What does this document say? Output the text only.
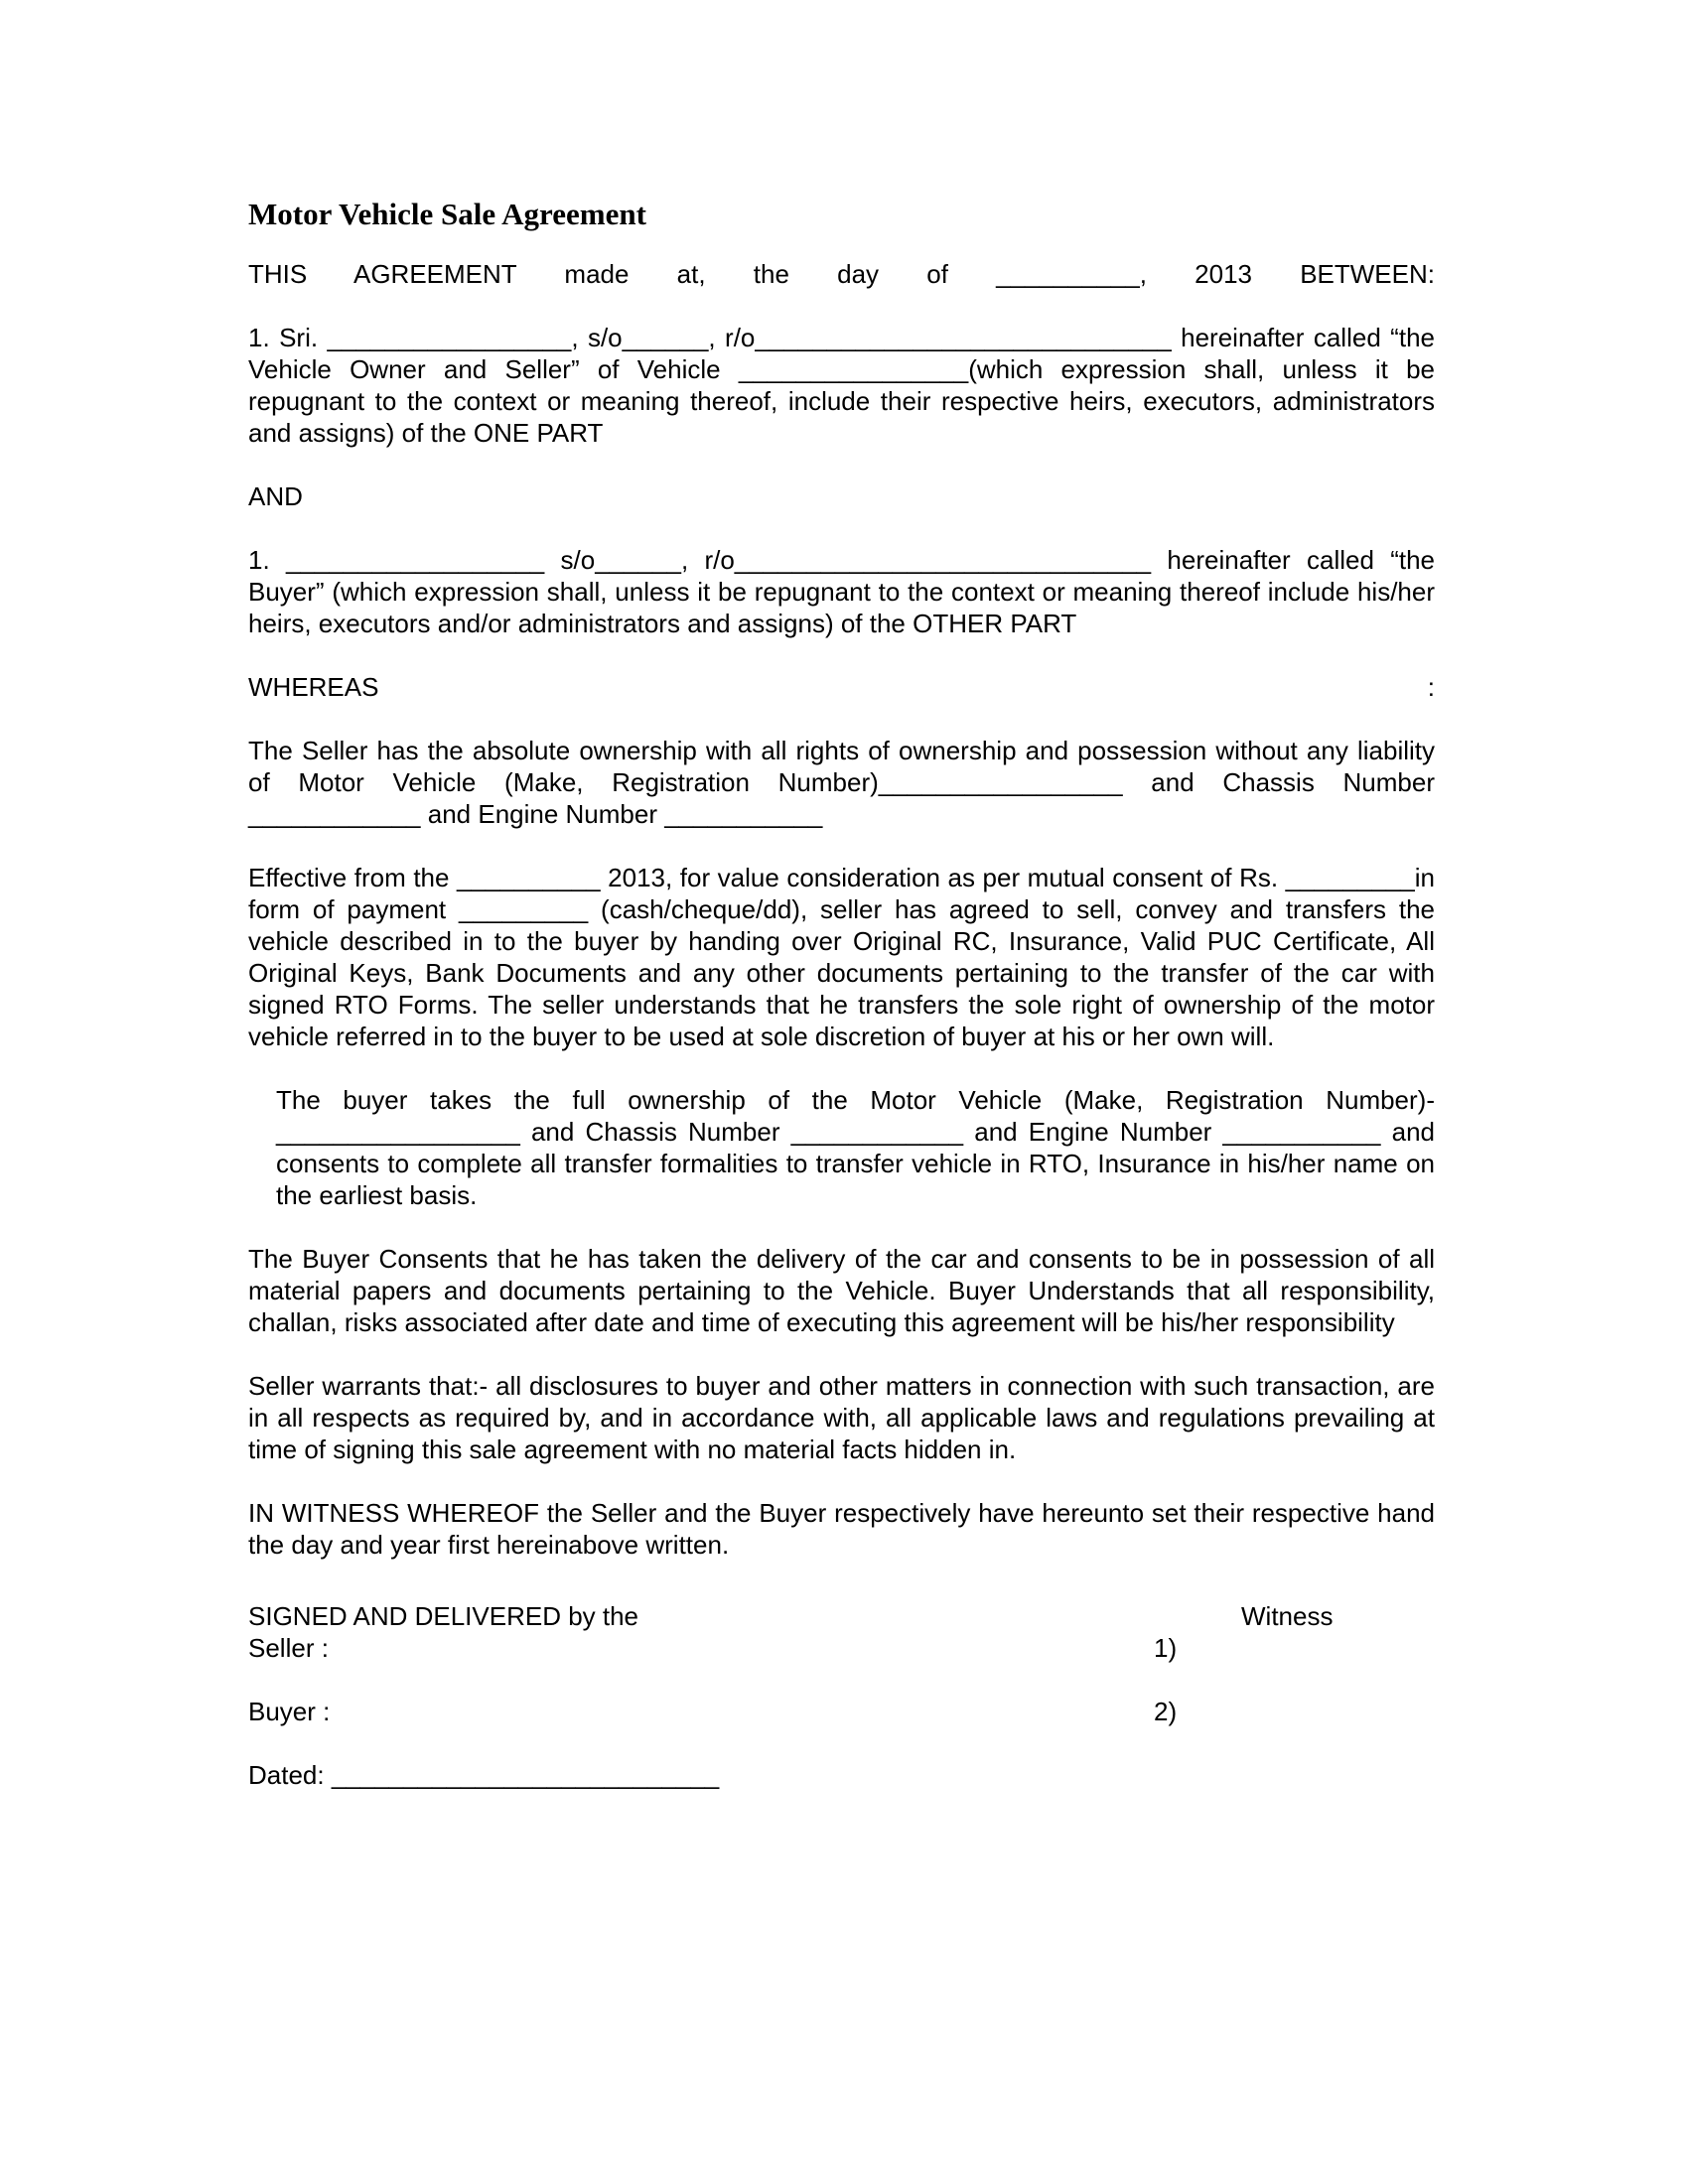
Motor Vehicle Sale Agreement

THIS AGREEMENT made at, the day of __________, 2013 BETWEEN:

1. Sri. _________________, s/o______, r/o_____________________________ hereinafter called “the Vehicle Owner and Seller” of Vehicle ________________(which expression shall, unless it be repugnant to the context or meaning thereof, include their respective heirs, executors, administrators and assigns) of the ONE PART

AND

1. __________________ s/o______, r/o_____________________________ hereinafter called “the Buyer” (which expression shall, unless it be repugnant to the context or meaning thereof include his/her heirs, executors and/or administrators and assigns) of the OTHER PART

WHEREAS	:

The Seller has the absolute ownership with all rights of ownership and possession without any liability of Motor Vehicle (Make, Registration Number)_________________ and Chassis Number ____________ and Engine Number ___________

Effective from the __________ 2013, for value consideration as per mutual consent of Rs. _________in form of payment _________ (cash/cheque/dd), seller has agreed to sell, convey and transfers the vehicle described in to the buyer by handing over Original RC, Insurance, Valid PUC Certificate, All Original Keys, Bank Documents and any other documents pertaining to the transfer of the car with signed RTO Forms. The seller understands that he transfers the sole right of ownership of the motor vehicle referred in to the buyer to be used at sole discretion of buyer at his or her own will.

The buyer takes the full ownership of the Motor Vehicle (Make, Registration Number)- _________________ and Chassis Number ____________ and Engine Number ___________ and consents to complete all transfer formalities to transfer vehicle in RTO, Insurance in his/her name on the earliest basis.

The Buyer Consents that he has taken the delivery of the car and consents to be in possession of all material papers and documents pertaining to the Vehicle. Buyer Understands that all responsibility, challan, risks associated after date and time of executing this agreement will be his/her responsibility

Seller warrants that:- all disclosures to buyer and other matters in connection with such transaction, are in all respects as required by, and in accordance with, all applicable laws and regulations prevailing at time of signing this sale agreement with no material facts hidden in.

IN WITNESS WHEREOF the Seller and the Buyer respectively have hereunto set their respective hand the day and year first hereinabove written.

SIGNED AND DELIVERED by the
Seller :
Buyer :
Dated: ___________________________
Witness
1)
2)
